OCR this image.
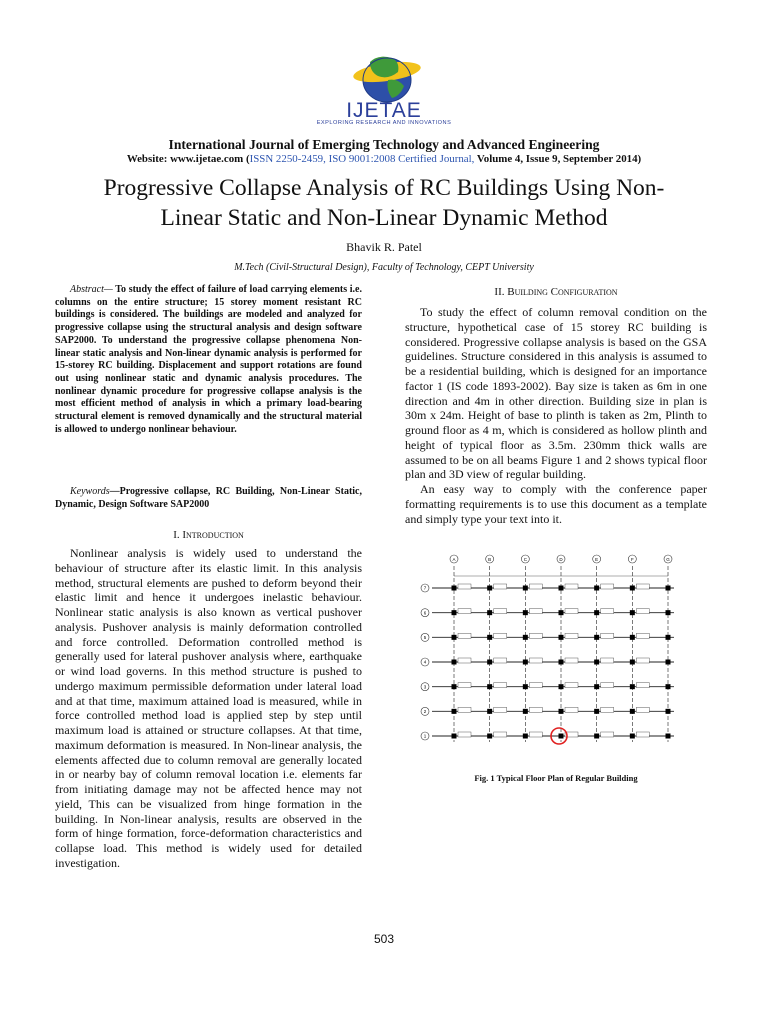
IJETAE
EXPLORING RESEARCH AND INNOVATIONS
International Journal of Emerging Technology and Advanced Engineering
Website: www.ijetae.com (ISSN 2250-2459, ISO 9001:2008 Certified Journal, Volume 4, Issue 9, September 2014)
Progressive Collapse Analysis of RC Buildings Using Non-
Linear Static and Non-Linear Dynamic Method
Bhavik R. Patel
M.Tech (Civil-Structural Design), Faculty of Technology, CEPT University
Abstract— To study the effect of failure of load carrying elements i.e. columns on the entire structure; 15 storey moment resistant RC buildings is considered. The buildings are modeled and analyzed for progressive collapse using the structural analysis and design software SAP2000. To understand the progressive collapse phenomena Non-linear static analysis and Non-linear dynamic analysis is performed for 15-storey RC building. Displacement and support rotations are found out using nonlinear static and dynamic analysis procedures. The nonlinear dynamic procedure for progressive collapse analysis is the most efficient method of analysis in which a primary load-bearing structural element is removed dynamically and the structural material is allowed to undergo nonlinear behaviour.
Keywords—Progressive collapse, RC Building, Non-Linear Static, Dynamic, Design Software SAP2000
I. Introduction

Nonlinear analysis is widely used to understand the behaviour of structure after its elastic limit. In this analysis method, structural elements are pushed to deform beyond their elastic limit and hence it undergoes inelastic behaviour. Nonlinear static analysis is also known as vertical pushover analysis. Pushover analysis is mainly deformation controlled and force controlled. Deformation controlled method is generally used for lateral pushover analysis where, earthquake or wind load governs. In this method structure is pushed to undergo maximum permissible deformation under lateral load and at that time, maximum attained load is measured, while in force controlled method load is applied step by step until maximum load is attained or structure collapses. At that time, maximum deformation is measured. In Non-linear analysis, the elements affected due to column removal are generally located in or nearby bay of column removal location i.e. elements far from initiating damage may not be affected hence may not yield, This can be visualized from hinge formation in the building. In Non-linear analysis, results are observed in the form of hinge formation, force-deformation characteristics and collapse load. This method is widely used for detailed investigation.

II. Building Configuration

To study the effect of column removal condition on the structure, hypothetical case of 15 storey RC building is considered. Progressive collapse analysis is based on the GSA guidelines. Structure considered in this analysis is assumed to be a residential building, which is designed for an importance factor 1 (IS code 1893-2002). Bay size is taken as 6m in one direction and 4m in other direction. Building size in plan is 30m x 24m. Height of base to plinth is taken as 2m, Plinth to ground floor as 4 m, which is considered as hollow plinth and height of typical floor as 3.5m. 230mm thick walls are assumed to be on all beams Figure 1 and 2 shows typical floor plan and 3D view of regular building.

An easy way to comply with the conference paper formatting requirements is to use this document as a template and simply type your text into it.

A	B	C	D	E	F	G
7
6
5
4
3
2
1
Fig. 1 Typical Floor Plan of Regular Building
503
